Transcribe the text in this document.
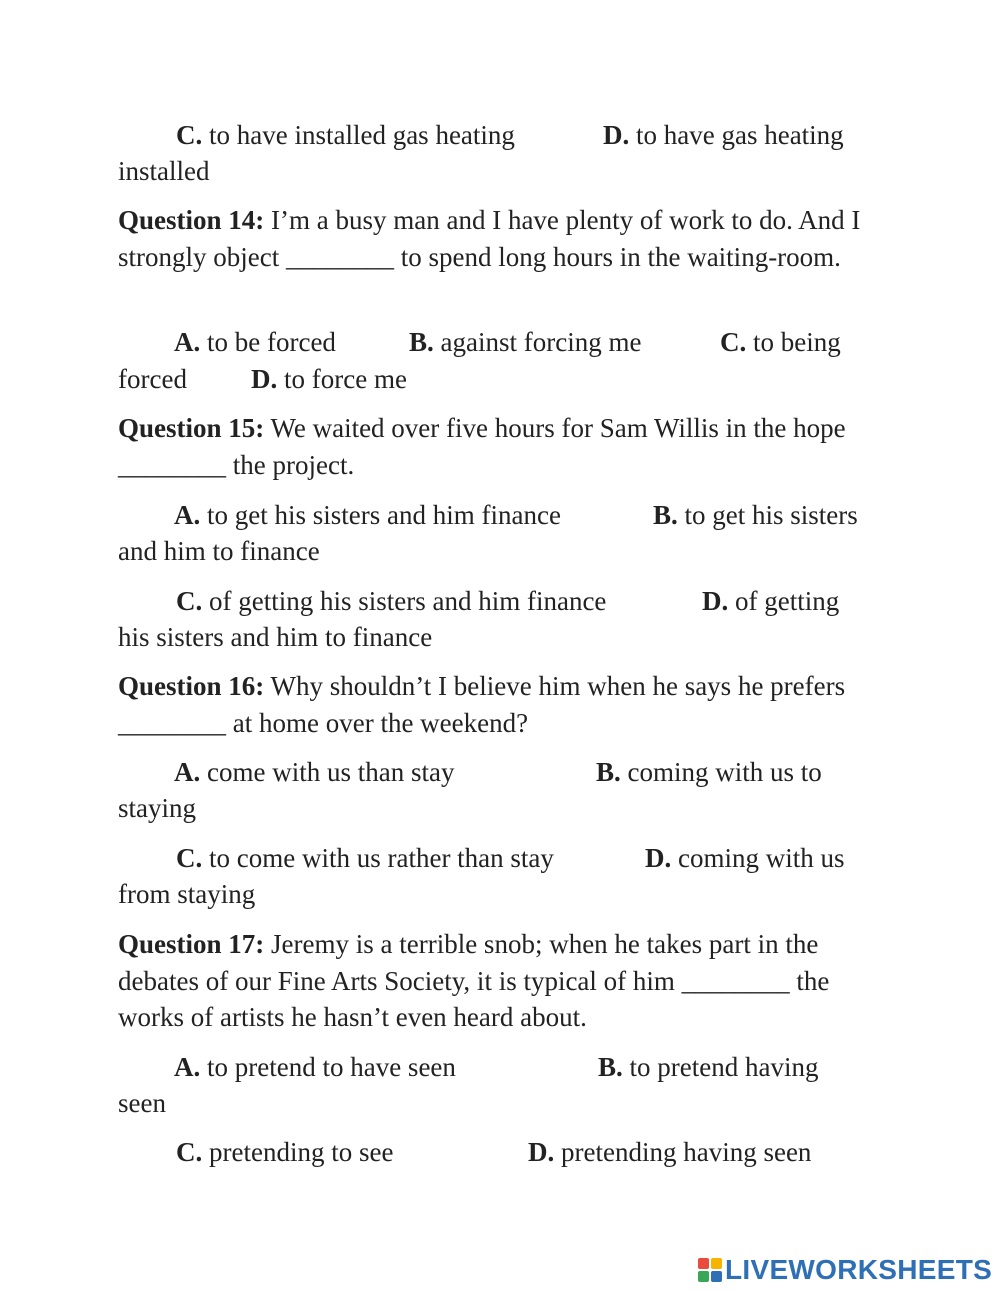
C. to have installed gas heating	D. to have gas heating
installed

Question 14: I’m a busy man and I have plenty of work to do. And I strongly object ________ to spend long hours in the waiting-room.

A. to be forced	B. against forcing me	C. to being
forced D. to force me

Question 15: We waited over five hours for Sam Willis in the hope ________ the project.

A. to get his sisters and him finance	B. to get his sisters
and him to finance
C. of getting his sisters and him finance	D. of getting
his sisters and him to finance

Question 16: Why shouldn’t I believe him when he says he prefers ________ at home over the weekend?

A. come with us than stay	B. coming with us to
staying
C. to come with us rather than stay	D. coming with us
from staying

Question 17: Jeremy is a terrible snob; when he takes part in the debates of our Fine Arts Society, it is typical of him ________ the works of artists he hasn’t even heard about.

A. to pretend to have seen	B. to pretend having
seen
C. pretending to see	D. pretending having seen
LIVEWORKSHEETS
